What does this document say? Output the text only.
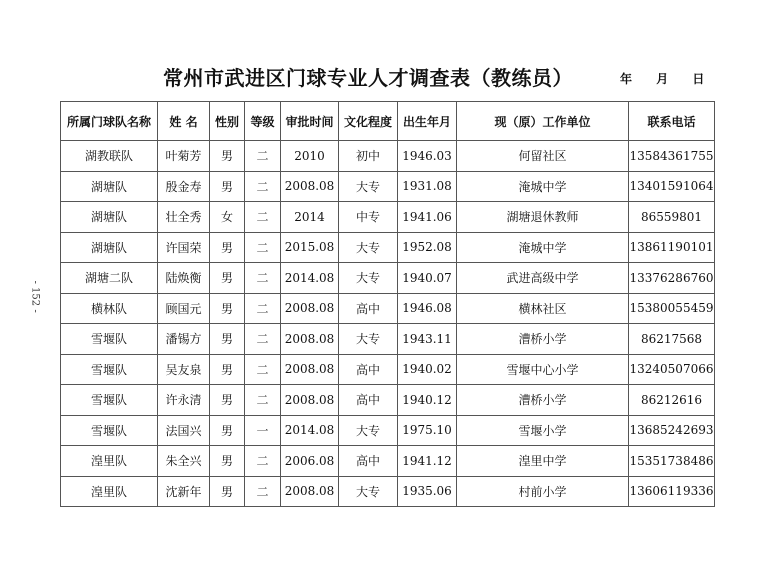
常州市武进区门球专业人才调查表（教练员）	年 月 日
- 152 -
所属门球队名称	姓 名	性别	等级	审批时间	文化程度	出生年月	现（原）工作单位	联系电话
湖教联队	叶菊芳	男	二	2010	初中	1946.03	何留社区	13584361755
湖塘队	殷金寿	男	二	2008.08	大专	1931.08	淹城中学	13401591064
湖塘队	壮全秀	女	二	2014	中专	1941.06	湖塘退休教师	86559801
湖塘队	许国荣	男	二	2015.08	大专	1952.08	淹城中学	13861190101
湖塘二队	陆焕衡	男	二	2014.08	大专	1940.07	武进高级中学	13376286760
横林队	顾国元	男	二	2008.08	高中	1946.08	横林社区	15380055459
雪堰队	潘锡方	男	二	2008.08	大专	1943.11	漕桥小学	86217568
雪堰队	吴友泉	男	二	2008.08	高中	1940.02	雪堰中心小学	13240507066
雪堰队	许永清	男	二	2008.08	高中	1940.12	漕桥小学	86212616
雪堰队	法国兴	男	一	2014.08	大专	1975.10	雪堰小学	13685242693
湟里队	朱全兴	男	二	2006.08	高中	1941.12	湟里中学	15351738486
湟里队	沈新年	男	二	2008.08	大专	1935.06	村前小学	13606119336
